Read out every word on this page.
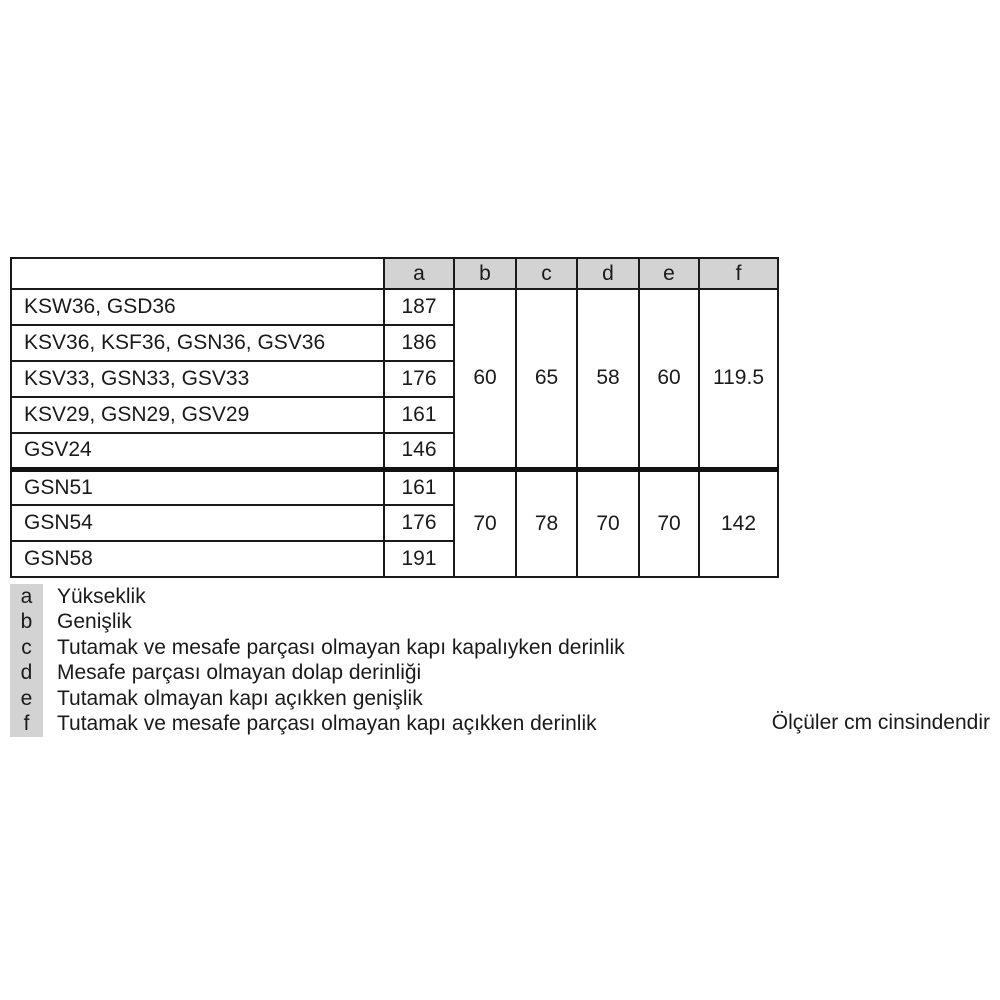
	a	b	c	d	e	f
KSW36, GSD36	187	60	65	58	60	119.5
KSV36, KSF36, GSN36, GSV36	186					
KSV33, GSN33, GSV33	176					
KSV29, GSN29, GSV29	161					
GSV24	146					
GSN51	161	70	78	70	70	142
GSN54	176					
GSN58	191					
a	Yükseklik
b	Genişlik
c	Tutamak ve mesafe parçası olmayan kapı kapalıyken derinlik
d	Mesafe parçası olmayan dolap derinliği
e	Tutamak olmayan kapı açıkken genişlik
f	Tutamak ve mesafe parçası olmayan kapı açıkken derinlik	Ölçüler cm cinsindendir
